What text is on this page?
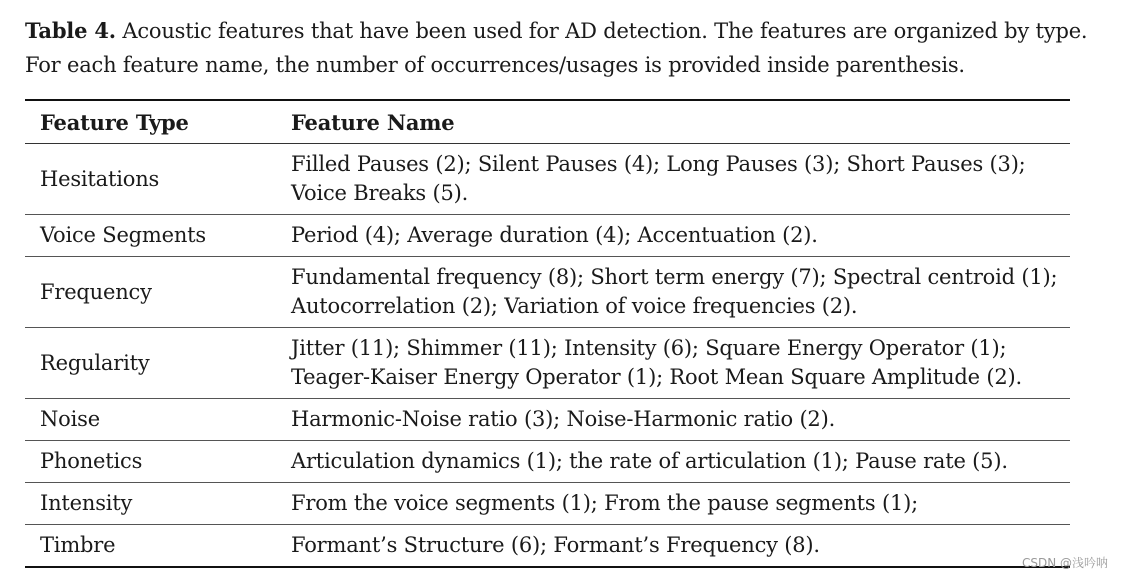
Table 4. Acoustic features that have been used for AD detection. The features are organized by type. For each feature name, the number of occurrences/usages is provided inside parenthesis.
Feature Type	Feature Name
Hesitations	Filled Pauses (2); Silent Pauses (4); Long Pauses (3); Short Pauses (3); Voice Breaks (5).
Voice Segments	Period (4); Average duration (4); Accentuation (2).
Frequency	Fundamental frequency (8); Short term energy (7); Spectral centroid (1); Autocorrelation (2); Variation of voice frequencies (2).
Regularity	Jitter (11); Shimmer (11); Intensity (6); Square Energy Operator (1); Teager-Kaiser Energy Operator (1); Root Mean Square Amplitude (2).
Noise	Harmonic-Noise ratio (3); Noise-Harmonic ratio (2).
Phonetics	Articulation dynamics (1); the rate of articulation (1); Pause rate (5).
Intensity	From the voice segments (1); From the pause segments (1);
Timbre	Formant’s Structure (6); Formant’s Frequency (8).
CSDN @浅吟呐
